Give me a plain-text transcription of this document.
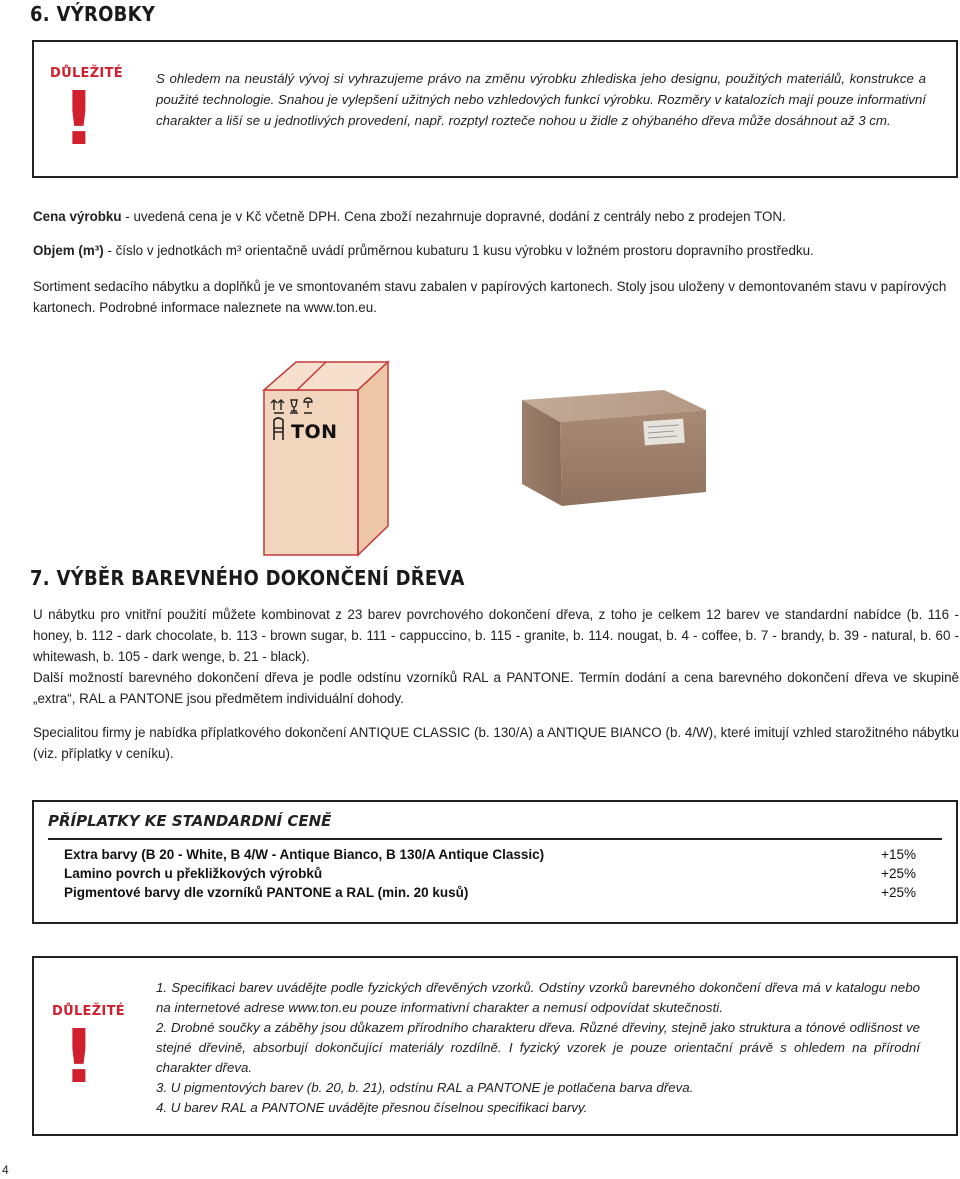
6. VÝROBKY
DŮLEŽITÉ
!	S ohledem na neustálý vývoj si vyhrazujeme právo na změnu výrobku zhlediska jeho designu, použitých materiálů, konstrukce a použité technologie. Snahou je vylepšení užitných nebo vzhledových funkcí výrobku. Rozměry v katalozích mají pouze informativní charakter a liší se u jednotlivých provedení, např. rozptyl rozteče nohou u židle z ohýbaného dřeva může dosáhnout až 3 cm.

Cena výrobku - uvedená cena je v Kč včetně DPH. Cena zboží nezahrnuje dopravné, dodání z centrály nebo z prodejen TON.

Objem (m³) - číslo v jednotkách m³ orientačně uvádí průměrnou kubaturu 1 kusu výrobku v ložném prostoru dopravního prostředku.

Sortiment sedacího nábytku a doplňků je ve smontovaném stavu zabalen v papírových kartonech. Stoly jsou uloženy v demontovaném stavu v papírových kartonech. Podrobné informace naleznete na www.ton.eu.

TON
7. VÝBĚR BAREVNÉHO DOKONČENÍ DŘEVA

U nábytku pro vnitřní použití můžete kombinovat z 23 barev povrchového dokončení dřeva, z toho je celkem 12 barev ve standardní nabídce (b. 116 - honey, b. 112 - dark chocolate, b. 113 - brown sugar, b. 111 - cappuccino, b. 115 - granite, b. 114. nougat, b. 4 - coffee, b. 7 - brandy, b. 39 - natural, b. 60 - whitewash, b. 105 - dark wenge, b. 21 - black).

Další možností barevného dokončení dřeva je podle odstínu vzorníků RAL a PANTONE. Termín dodání a cena barevného dokončení dřeva ve skupině „extra“, RAL a PANTONE jsou předmětem individuální dohody.

Specialitou firmy je nabídka příplatkového dokončení ANTIQUE CLASSIC (b. 130/A) a ANTIQUE BIANCO (b. 4/W), které imitují vzhled starožitného nábytku (viz. příplatky v ceníku).

PŘÍPLATKY KE STANDARDNÍ CENĚ
Extra barvy (B 20 - White, B 4/W - Antique Bianco, B 130/A Antique Classic)	+15%
Lamino povrch u překližkových výrobků	+25%
Pigmentové barvy dle vzorníků PANTONE a RAL (min. 20 kusů)	+25%
DŮLEŽITÉ
!
1. Specifikaci barev uvádějte podle fyzických dřevěných vzorků. Odstíny vzorků barevného dokončení dřeva má v katalogu nebo na internetové adrese www.ton.eu pouze informativní charakter a nemusí odpovídat skutečnosti.
2. Drobné součky a záběhy jsou důkazem přírodního charakteru dřeva. Různé dřeviny, stejně jako struktura a tónové odlišnost ve stejné dřevině, absorbují dokončující materiály rozdílně. I fyzický vzorek je pouze orientační právě s ohledem na přírodní charakter dřeva.
3. U pigmentových barev (b. 20, b. 21), odstínu RAL a PANTONE je potlačena barva dřeva.
4. U barev RAL a PANTONE uvádějte přesnou číselnou specifikaci barvy.
4
